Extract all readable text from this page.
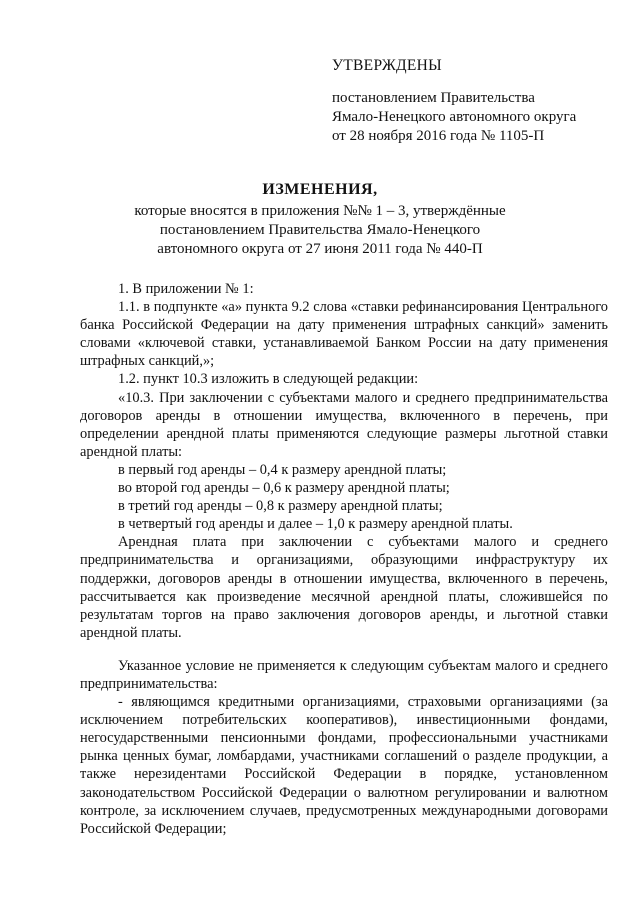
УТВЕРЖДЕНЫ
постановлением Правительства
Ямало-Ненецкого автономного округа
от 28 ноября 2016 года № 1105-П
ИЗМЕНЕНИЯ,
которые вносятся в приложения №№ 1 – 3, утверждённые
постановлением Правительства Ямало-Ненецкого
автономного округа от 27 июня 2011 года № 440-П

1. В приложении № 1:

1.1. в подпункте «а» пункта 9.2 слова «ставки рефинансирования Центрального банка Российской Федерации на дату применения штрафных санкций» заменить словами «ключевой ставки, устанавливаемой Банком России на дату применения штрафных санкций,»;

1.2. пункт 10.3 изложить в следующей редакции:

«10.3. При заключении с субъектами малого и среднего предпринимательства договоров аренды в отношении имущества, включенного в перечень, при определении арендной платы применяются следующие размеры льготной ставки арендной платы:

в первый год аренды – 0,4 к размеру арендной платы;

во второй год аренды – 0,6 к размеру арендной платы;

в третий год аренды – 0,8 к размеру арендной платы;

в четвертый год аренды и далее – 1,0 к размеру арендной платы.

Арендная плата при заключении с субъектами малого и среднего предпринимательства и организациями, образующими инфраструктуру их поддержки, договоров аренды в отношении имущества, включенного в перечень, рассчитывается как произведение месячной арендной платы, сложившейся по результатам торгов на право заключения договоров аренды, и льготной ставки арендной платы.

Указанное условие не применяется к следующим субъектам малого и среднего предпринимательства:

- являющимся кредитными организациями, страховыми организациями (за исключением потребительских кооперативов), инвестиционными фондами, негосударственными пенсионными фондами, профессиональными участниками рынка ценных бумаг, ломбардами, участниками соглашений о разделе продукции, а также нерезидентами Российской Федерации в порядке, установленном законодательством Российской Федерации о валютном регулировании и валютном контроле, за исключением случаев, предусмотренных международными договорами Российской Федерации;
